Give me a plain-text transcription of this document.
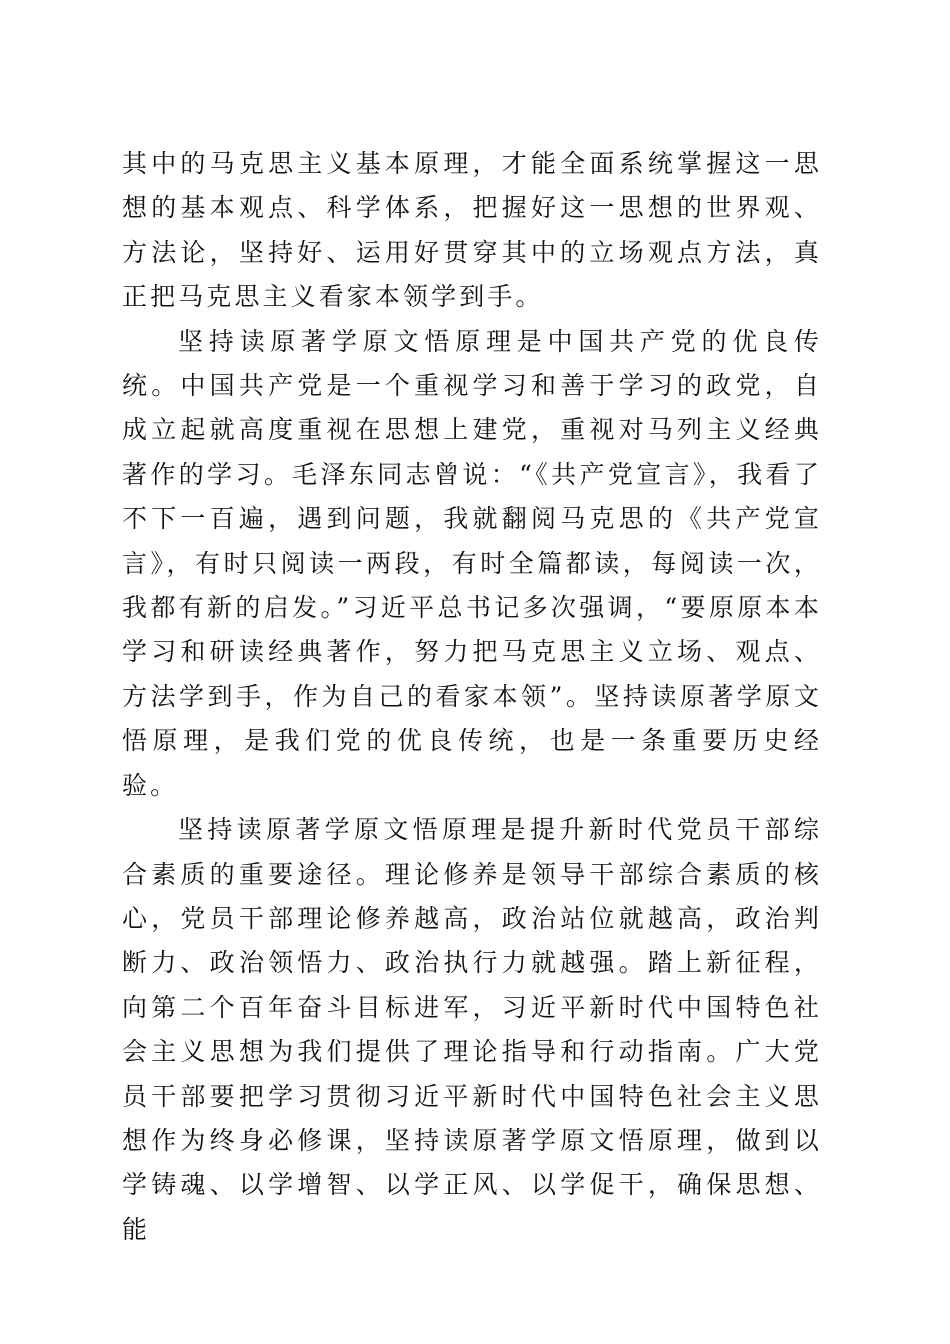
其中的马克思主义基本原理，才能全面系统掌握这一思想的基本观点、科学体系，把握好这一思想的世界观、方法论，坚持好、运用好贯穿其中的立场观点方法，真正把马克思主义看家本领学到手。

坚持读原著学原文悟原理是中国共产党的优良传统。中国共产党是一个重视学习和善于学习的政党，自成立起就高度重视在思想上建党，重视对马列主义经典著作的学习。毛泽东同志曾说：“《共产党宣言》，我看了不下一百遍，遇到问题，我就翻阅马克思的《共产党宣言》，有时只阅读一两段，有时全篇都读，每阅读一次，我都有新的启发。”习近平总书记多次强调，“要原原本本学习和研读经典著作，努力把马克思主义立场、观点、方法学到手，作为自己的看家本领”。坚持读原著学原文悟原理，是我们党的优良传统，也是一条重要历史经验。

坚持读原著学原文悟原理是提升新时代党员干部综合素质的重要途径。理论修养是领导干部综合素质的核心，党员干部理论修养越高，政治站位就越高，政治判断力、政治领悟力、政治执行力就越强。踏上新征程，向第二个百年奋斗目标进军，习近平新时代中国特色社会主义思想为我们提供了理论指导和行动指南。广大党员干部要把学习贯彻习近平新时代中国特色社会主义思想作为终身必修课，坚持读原著学原文悟原理，做到以学铸魂、以学增智、以学正风、以学促干，确保思想、能
